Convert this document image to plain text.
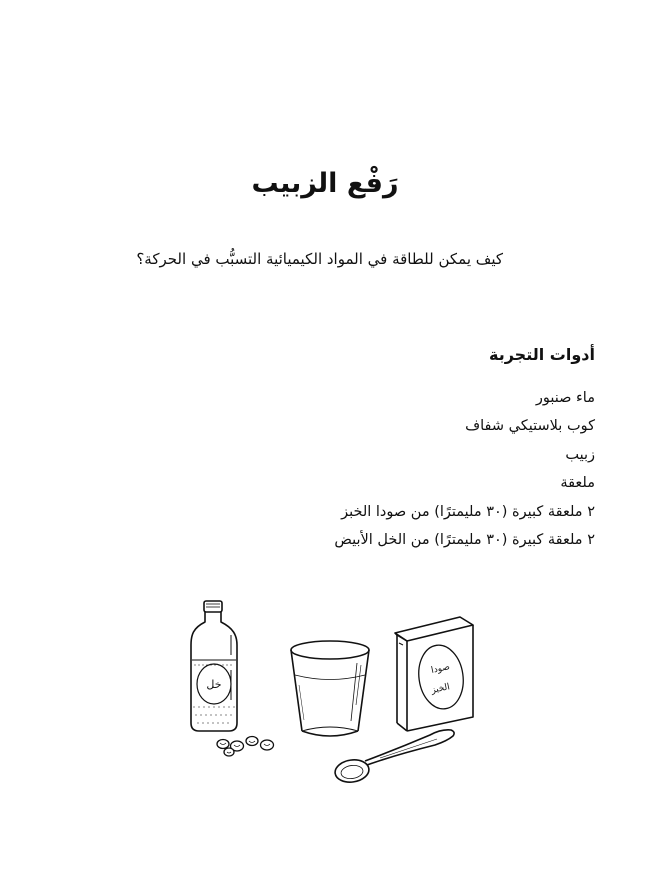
رَفْع الزبيب

كيف يمكن للطاقة في المواد الكيميائية التسبُّب في الحركة؟

أدوات التجربة
ماء صنبور
كوب بلاستيكي شفاف
زبيب
ملعقة
٢ ملعقة كبيرة (٣٠ مليمترًا) من صودا الخبز
٢ ملعقة كبيرة (٣٠ مليمترًا) من الخل الأبيض
خل
صودا
الخبز
